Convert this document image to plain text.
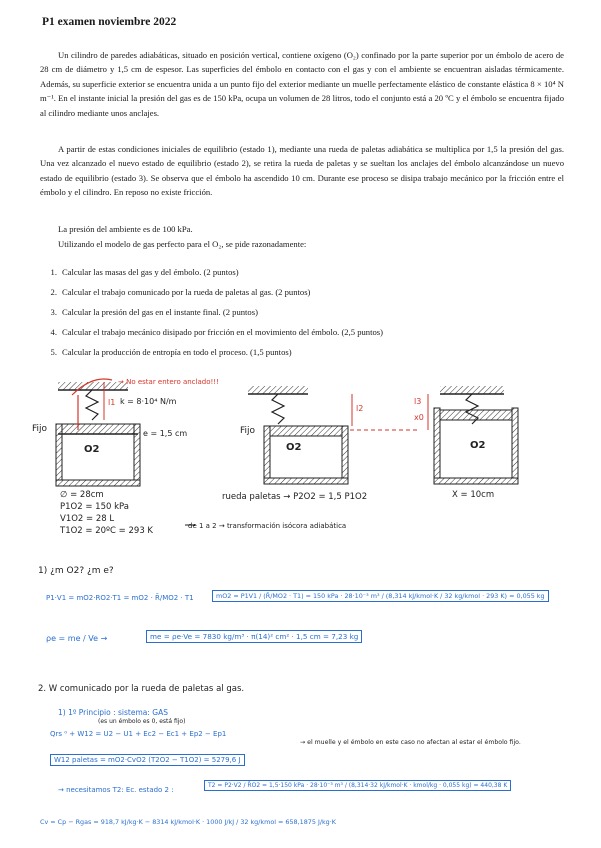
P1 examen noviembre 2022
Un cilindro de paredes adiabáticas, situado en posición vertical, contiene oxígeno (O₂) confinado por la parte superior por un émbolo de acero de 28 cm de diámetro y 1,5 cm de espesor. Las superficies del émbolo en contacto con el gas y con el ambiente se encuentran aisladas térmicamente. Además, su superficie exterior se encuentra unida a un punto fijo del exterior mediante un muelle perfectamente elástico de constante elástica 8 × 10⁴ N m⁻¹. En el instante inicial la presión del gas es de 150 kPa, ocupa un volumen de 28 litros, todo el conjunto está a 20 ºC y el émbolo se encuentra fijado al cilindro mediante unos anclajes.
A partir de estas condiciones iniciales de equilibrio (estado 1), mediante una rueda de paletas adiabática se multiplica por 1,5 la presión del gas. Una vez alcanzado el nuevo estado de equilibrio (estado 2), se retira la rueda de paletas y se sueltan los anclajes del émbolo alcanzándose un nuevo estado de equilibrio (estado 3). Se observa que el émbolo ha ascendido 10 cm. Durante ese proceso se disipa trabajo mecánico por la fricción entre el émbolo y el cilindro. En reposo no existe fricción.
La presión del ambiente es de 100 kPa.
Utilizando el modelo de gas perfecto para el O₂, se pide razonadamente:
1. Calcular las masas del gas y del émbolo. (2 puntos)
2. Calcular el trabajo comunicado por la rueda de paletas al gas. (2 puntos)
3. Calcular la presión del gas en el instante final. (2 puntos)
4. Calcular el trabajo mecánico disipado por fricción en el movimiento del émbolo. (2,5 puntos)
5. Calcular la producción de entropía en todo el proceso. (1,5 puntos)
→ No estar entero anclado!!!
k = 8·10⁴ N/m
e = 1,5 cm
Fijo	Fijo
O2	O2	O2
l1
l2
l3
x0
∅ = 28cm
P1O2 = 150 kPa
V1O2 = 28 L
T1O2 = 20ºC = 293 K
rueda paletas → P2O2 = 1,5 P1O2
de 1 a 2 → transformación isócora adiabática
X = 10cm
1) ¿m O2? ¿m e?
P1·V1 = mO2·RO2·T1 = mO2 · R̄/MO2 · T1	mO2 = P1V1 / (R̄/MO2 · T1) = 150 kPa · 28·10⁻³ m³ / (8,314 kJ/kmol·K / 32 kg/kmol · 293 K) = 0,055 kg
ρe = me / Ve →	me = ρe·Ve = 7830 kg/m³ · π(14)² cm² · 1,5 cm = 7,23 kg
2. W comunicado por la rueda de paletas al gas.
1) 1º Principio : sistema: GAS
(es un émbolo es 0, está fijo)
Qrs ⁰ + W12 = U2 − U1 + Ec2 − Ec1 + Ep2 − Ep1
→ el muelle y el émbolo en este caso no afectan al estar el émbolo fijo.
W12 paletas = mO2·CvO2 (T2O2 − T1O2) = 5279,6 J
→ necesitamos T2: Ec. estado 2 :
T2 = P2·V2 / R̄O2 = 1,5·150 kPa · 28·10⁻³ m³ / (8,314·32 kJ/kmol·K · kmol/kg · 0,055 kg) = 440,38 K
Cv = Cp − Rgas = 918,7 kJ/kg·K − 8314 kJ/kmol·K · 1000 J/kJ / 32 kg/kmol = 658,1875 J/kg·K
